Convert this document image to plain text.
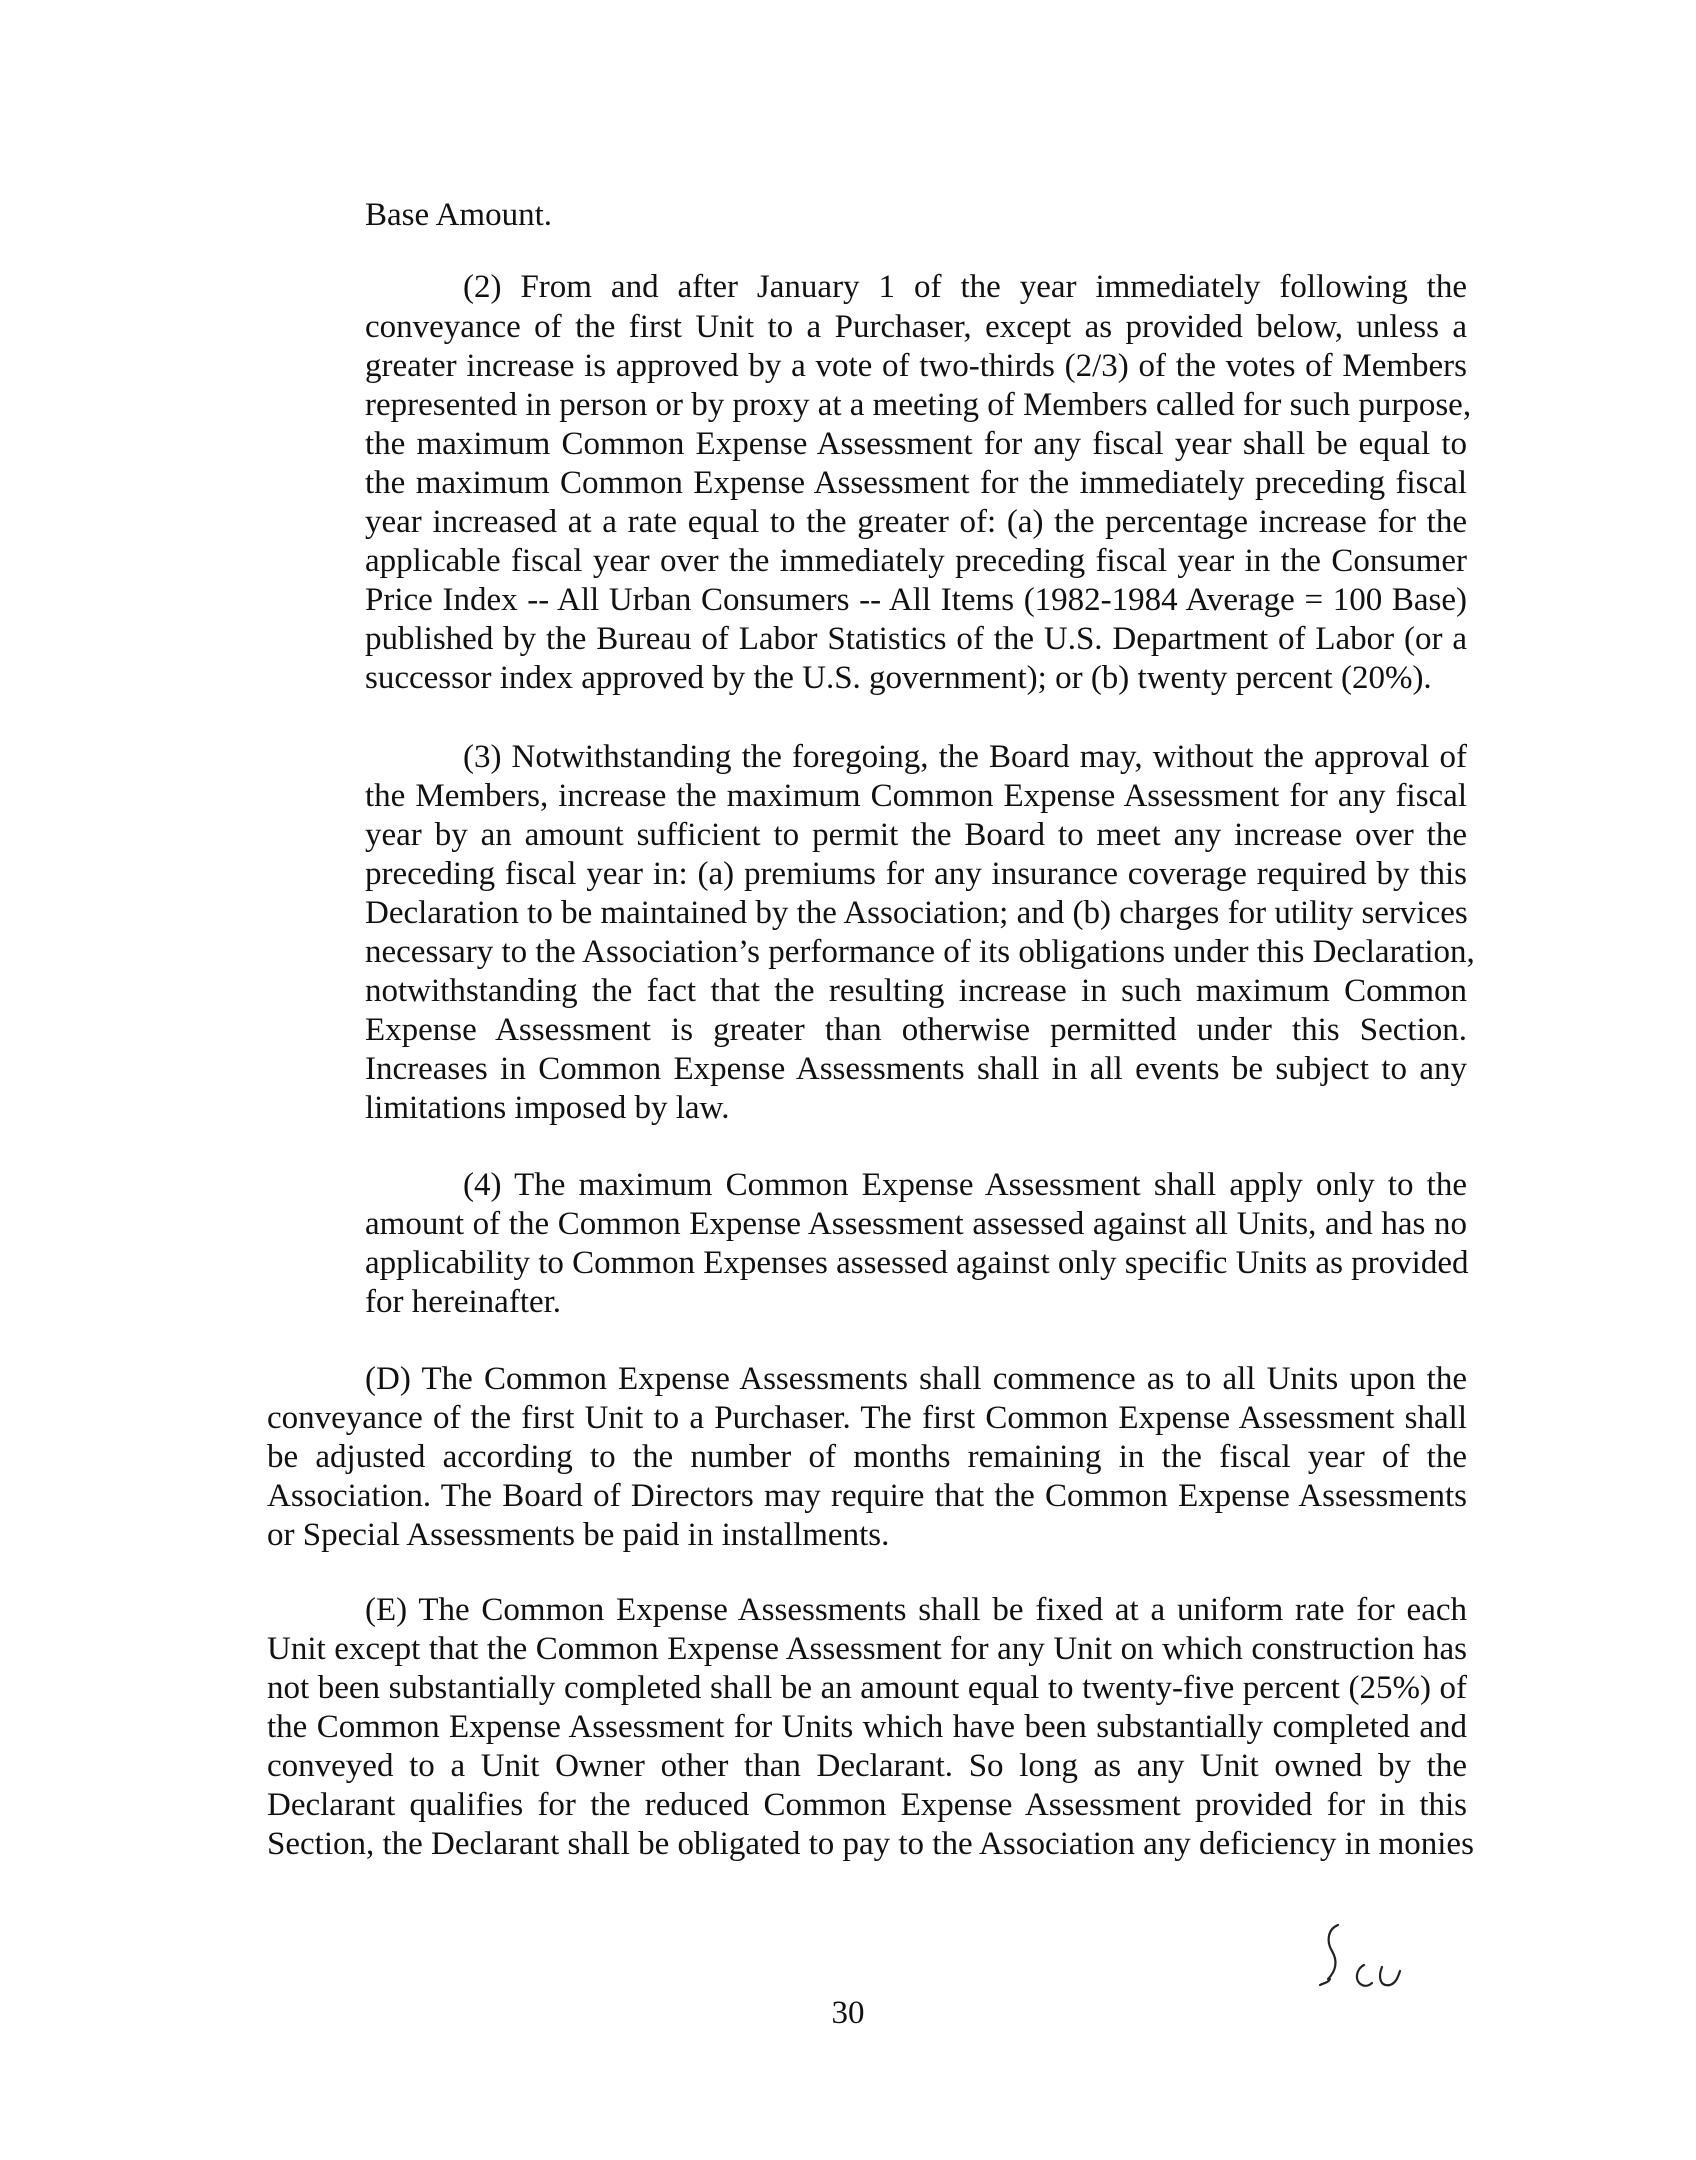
Base Amount.
(2) From and after January 1 of the year immediately following the
conveyance of the first Unit to a Purchaser, except as provided below, unless a
greater increase is approved by a vote of two-thirds (2/3) of the votes of Members
represented in person or by proxy at a meeting of Members called for such purpose,
the maximum Common Expense Assessment for any fiscal year shall be equal to
the maximum Common Expense Assessment for the immediately preceding fiscal
year increased at a rate equal to the greater of: (a) the percentage increase for the
applicable fiscal year over the immediately preceding fiscal year in the Consumer
Price Index -- All Urban Consumers -- All Items (1982-1984 Average = 100 Base)
published by the Bureau of Labor Statistics of the U.S. Department of Labor (or a
successor index approved by the U.S. government); or (b) twenty percent (20%).
(3) Notwithstanding the foregoing, the Board may, without the approval of
the Members, increase the maximum Common Expense Assessment for any fiscal
year by an amount sufficient to permit the Board to meet any increase over the
preceding fiscal year in: (a) premiums for any insurance coverage required by this
Declaration to be maintained by the Association; and (b) charges for utility services
necessary to the Association’s performance of its obligations under this Declaration,
notwithstanding the fact that the resulting increase in such maximum Common
Expense Assessment is greater than otherwise permitted under this Section.
Increases in Common Expense Assessments shall in all events be subject to any
limitations imposed by law.
(4) The maximum Common Expense Assessment shall apply only to the
amount of the Common Expense Assessment assessed against all Units, and has no
applicability to Common Expenses assessed against only specific Units as provided
for hereinafter.
(D) The Common Expense Assessments shall commence as to all Units upon the
conveyance of the first Unit to a Purchaser. The first Common Expense Assessment shall
be adjusted according to the number of months remaining in the fiscal year of the
Association. The Board of Directors may require that the Common Expense Assessments
or Special Assessments be paid in installments.
(E) The Common Expense Assessments shall be fixed at a uniform rate for each
Unit except that the Common Expense Assessment for any Unit on which construction has
not been substantially completed shall be an amount equal to twenty-five percent (25%) of
the Common Expense Assessment for Units which have been substantially completed and
conveyed to a Unit Owner other than Declarant. So long as any Unit owned by the
Declarant qualifies for the reduced Common Expense Assessment provided for in this
Section, the Declarant shall be obligated to pay to the Association any deficiency in monies
30
